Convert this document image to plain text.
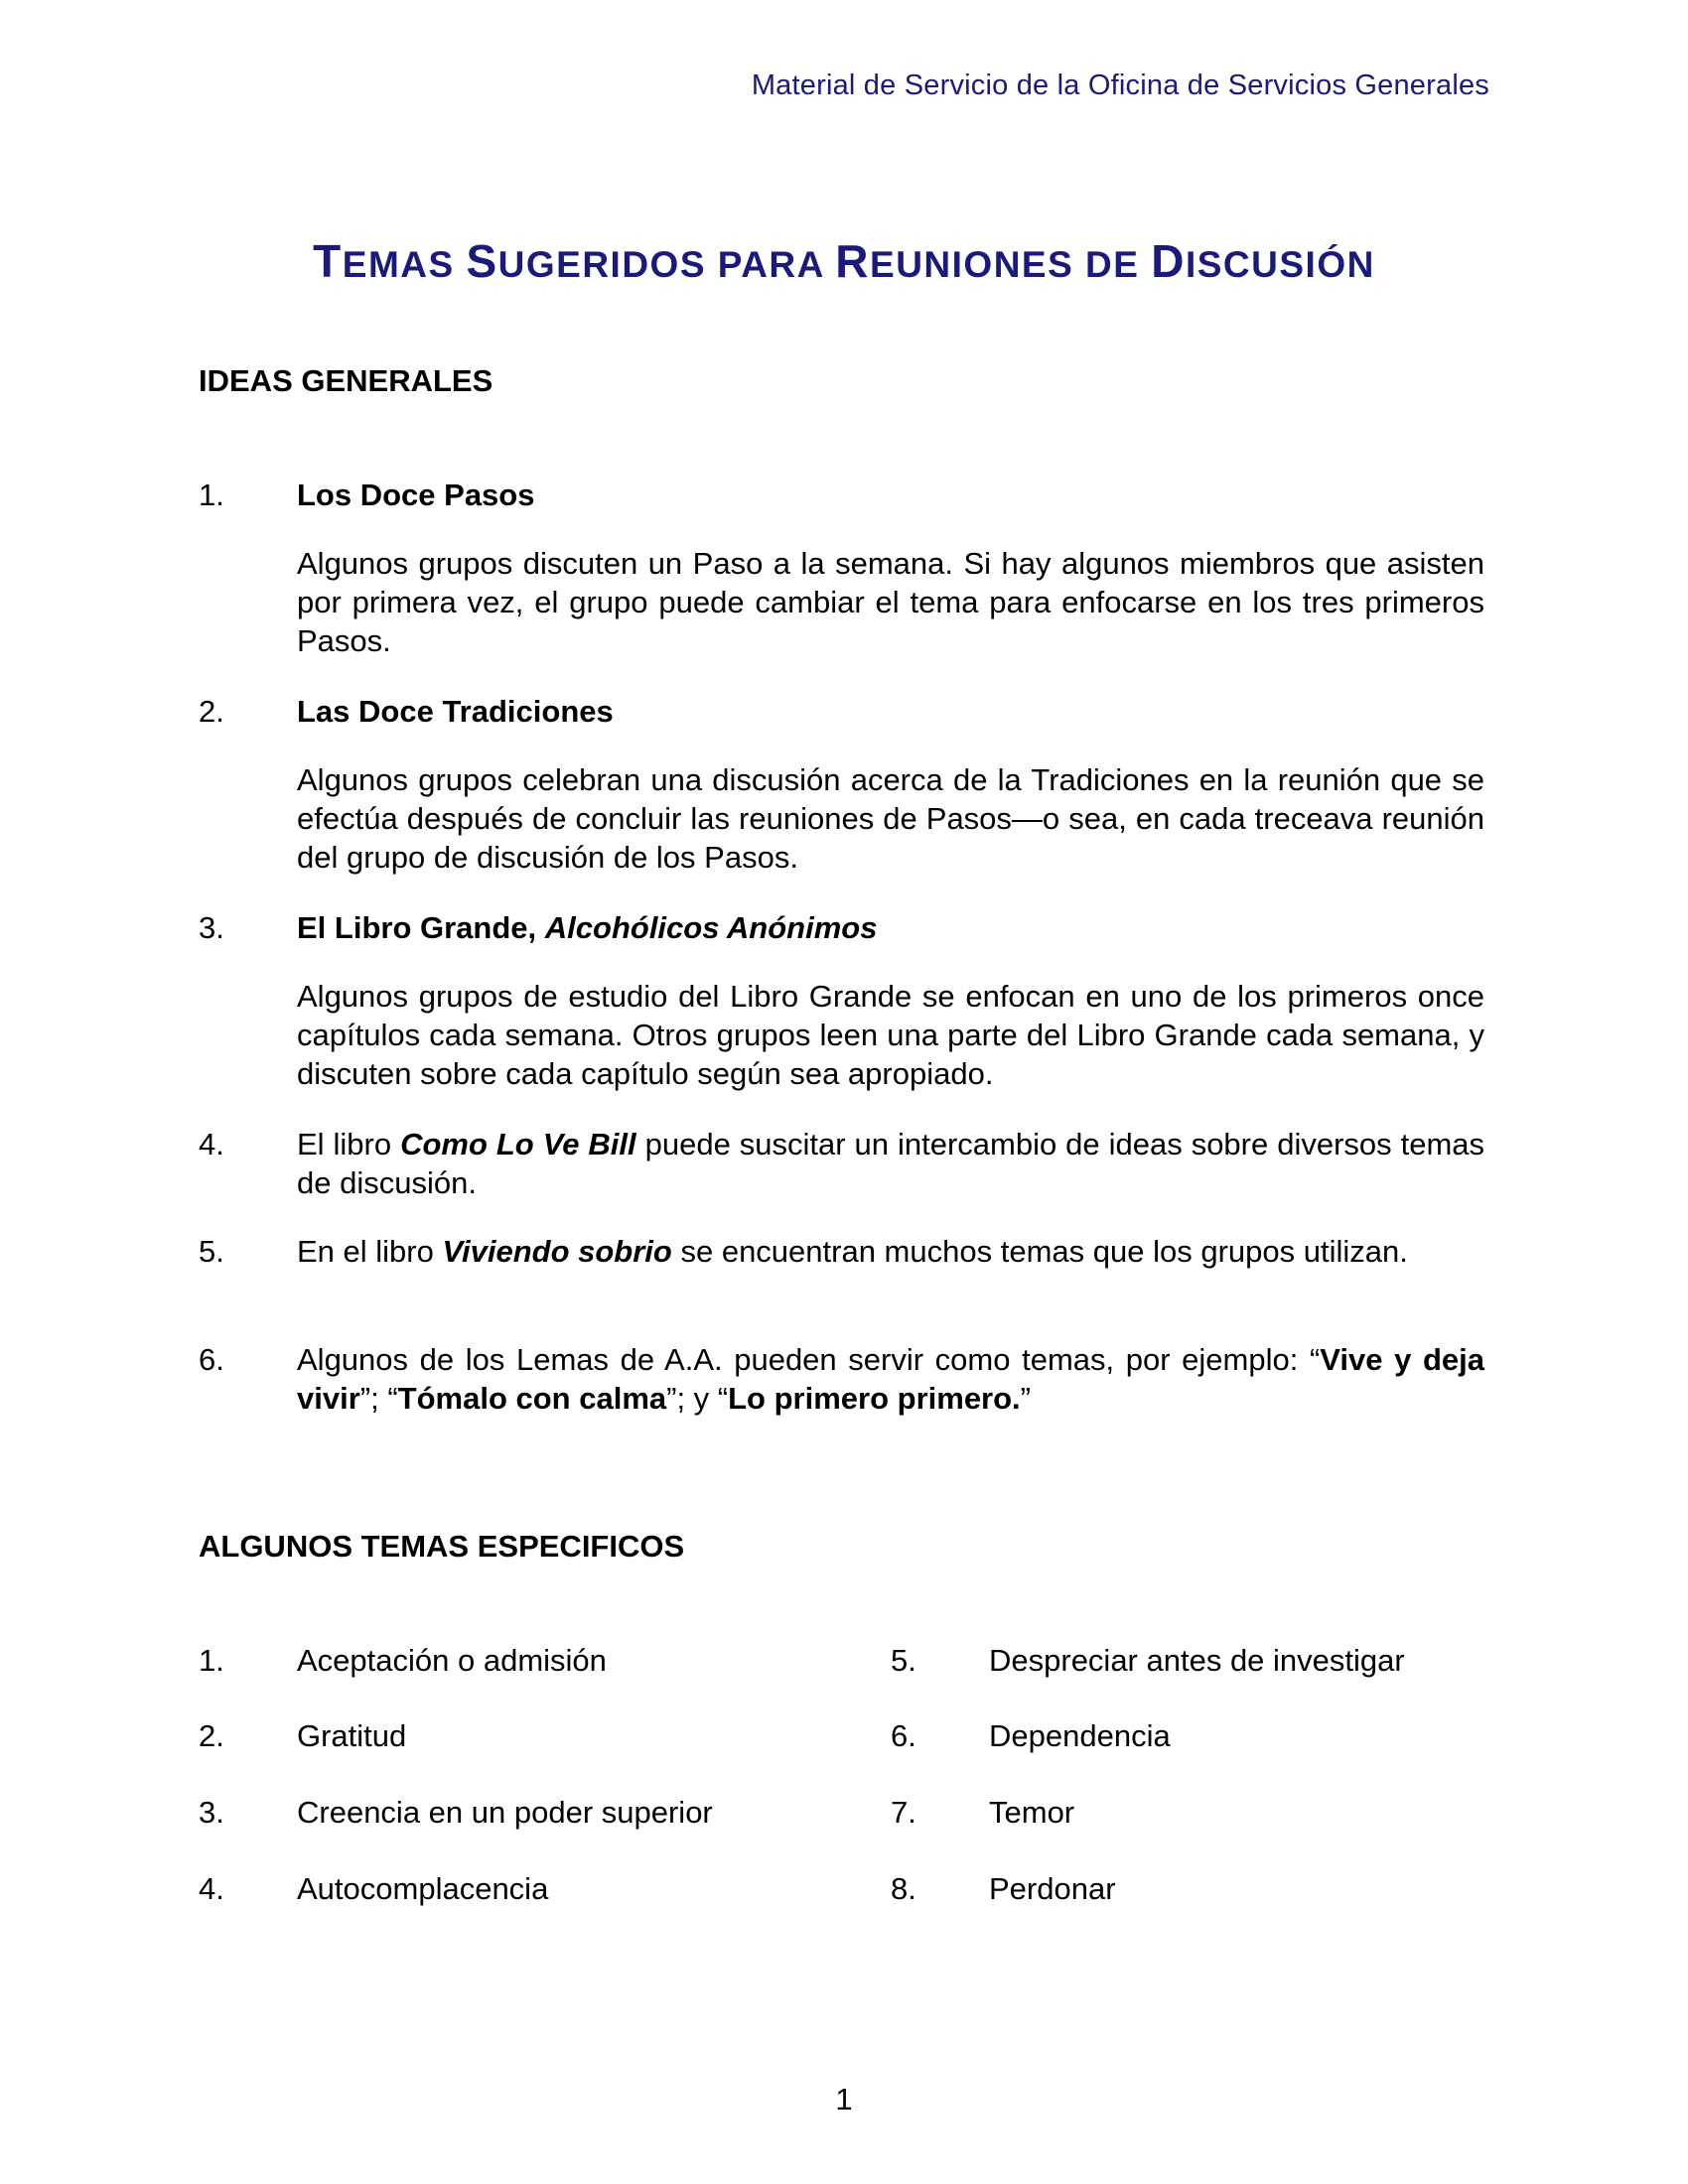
Material de Servicio de la Oficina de Servicios Generales
TEMAS SUGERIDOS PARA REUNIONES DE DISCUSIÓN
IDEAS GENERALES
1. Los Doce Pasos
Algunos grupos discuten un Paso a la semana. Si hay algunos miembros que asisten por primera vez, el grupo puede cambiar el tema para enfocarse en los tres primeros Pasos.
2. Las Doce Tradiciones
Algunos grupos celebran una discusión acerca de la Tradiciones en la reunión que se efectúa después de concluir las reuniones de Pasos—o sea, en cada treceava reunión del grupo de discusión de los Pasos.
3. El Libro Grande, Alcohólicos Anónimos
Algunos grupos de estudio del Libro Grande se enfocan en uno de los primeros once capítulos cada semana. Otros grupos leen una parte del Libro Grande cada semana, y discuten sobre cada capítulo según sea apropiado.
4. El libro Como Lo Ve Bill puede suscitar un intercambio de ideas sobre diversos temas de discusión.
5. En el libro Viviendo sobrio se encuentran muchos temas que los grupos utilizan.
6. Algunos de los Lemas de A.A. pueden servir como temas, por ejemplo: “Vive y deja vivir”; “Tómalo con calma”; y “Lo primero primero.”
ALGUNOS TEMAS ESPECIFICOS
1. Aceptación o admisión
2. Gratitud
3. Creencia en un poder superior
4. Autocomplacencia
5. Despreciar antes de investigar
6. Dependencia
7. Temor
8. Perdonar
1
